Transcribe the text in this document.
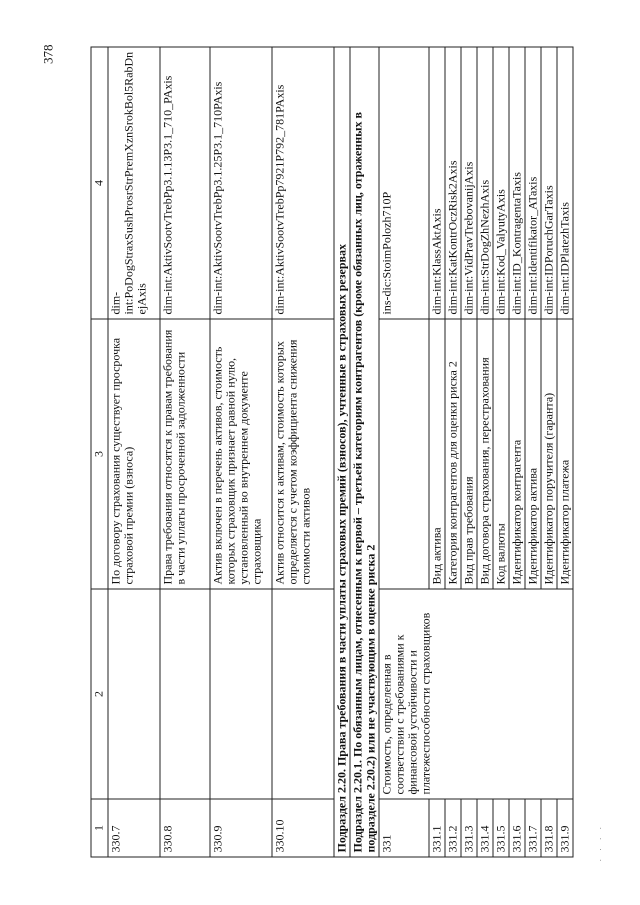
378
1	2	3	4
330.7		По договору страхования существует просрочка страховой премии (взноса)	dim-int:PoDogStraxSushProsrStrPremXznSrokBol5RabDnejAxis
330.8		Права требования относятся к правам требования в части уплаты просроченной задолженности	dim-int:AktivSootvTrebPp3.1.13P3.1_710_PAxis
330.9		Актив включен в перечень активов, стоимость которых страховщик признает равной нулю, установленный во внутреннем документе страховщика	dim-int:AktivSootvTrebPp3.1.25P3.1_710PAxis
330.10		Актив относится к активам, стоимость которых определяется с учетом коэффициента снижения стоимости активов	dim-int:AktivSootvTrebPp7921P792_781PAxis
Подраздел 2.20. Права требования в части уплаты страховых премий (взносов), учтенные в страховых резервах			
Подраздел 2.20.1. По обязанным лицам, отнесенным к первой – третьей категориям контрагентов (кроме обязанных лиц, отраженных в подразделе 2.20.2) или не участвующим в оценке риска 2			
331	Стоимость, определенная в соответствии с требованиями к финансовой устойчивости и платежеспособности страховщиков		ins-dic:StoimPolozh710P
331.1		Вид актива	dim-int:KlassAktAxis
331.2		Категория контрагентов для оценки риска 2	dim-int:KatKontrOczRisk2Axis
331.3		Вид прав требования	dim-int:VidPravTrebovanijAxis
331.4		Вид договора страхования, перестрахования	dim-int:StrDogZhNezhAxis
331.5		Код валюты	dim-int:Kod_ValyutyAxis
331.6		Идентификатор контрагента	dim-int:ID_KontragentaTaxis
331.7		Идентификатор актива	dim-int:Identifikator_ATaxis
331.8		Идентификатор поручителя (гаранта)	dim-int:IDPoruchGarTaxis
331.9		Идентификатор платежа	dim-int:IDPlatezhTaxis
· · · ·
